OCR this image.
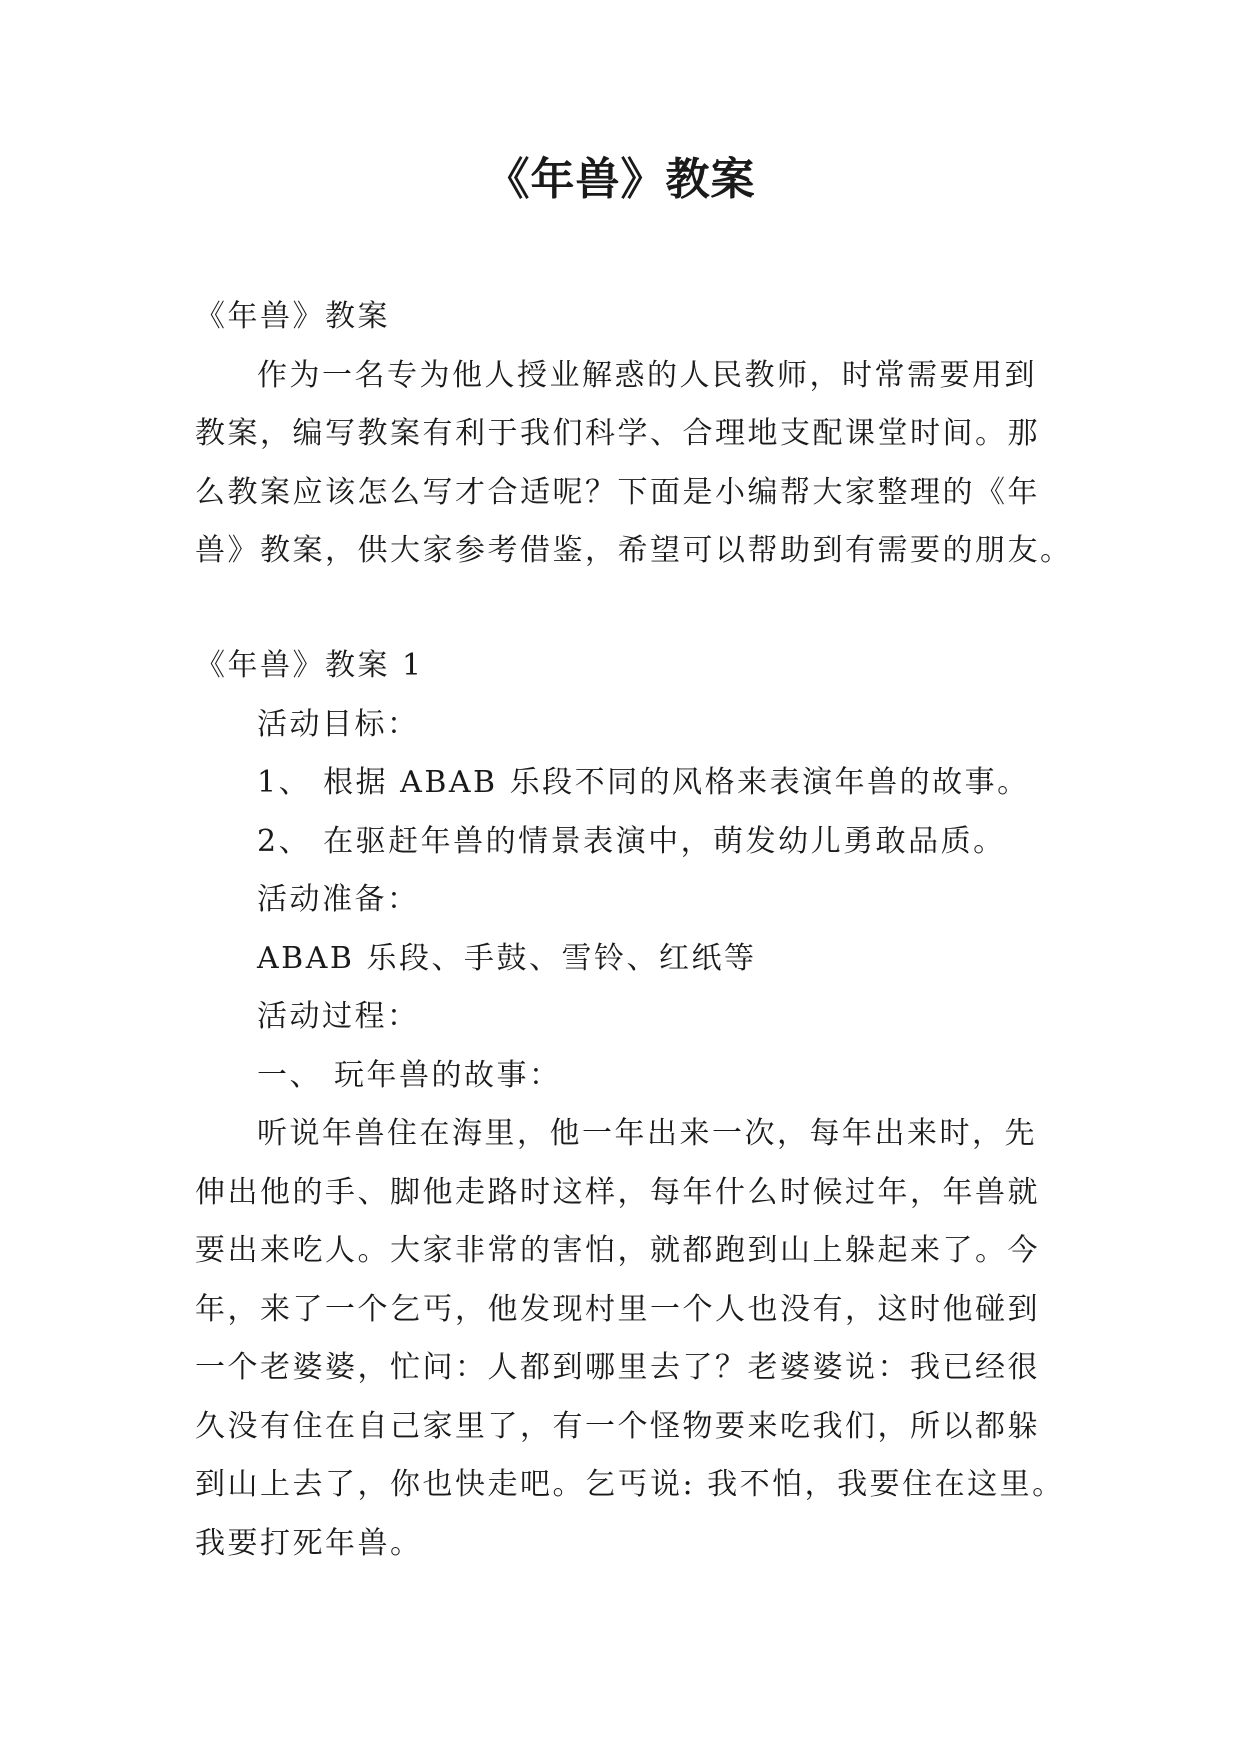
《年兽》教案
《年兽》教案
作为一名专为他人授业解惑的人民教师，时常需要用到
教案，编写教案有利于我们科学、合理地支配课堂时间。那
么教案应该怎么写才合适呢？下面是小编帮大家整理的《年
兽》教案，供大家参考借鉴，希望可以帮助到有需要的朋友。
《年兽》教案 1
活动目标：
1、 根据 ABAB 乐段不同的风格来表演年兽的故事。
2、 在驱赶年兽的情景表演中，萌发幼儿勇敢品质。
活动准备：
ABAB 乐段、手鼓、雪铃、红纸等
活动过程：
一、 玩年兽的故事：
听说年兽住在海里，他一年出来一次，每年出来时，先
伸出他的手、脚他走路时这样，每年什么时候过年，年兽就
要出来吃人。大家非常的害怕，就都跑到山上躲起来了。今
年，来了一个乞丐，他发现村里一个人也没有，这时他碰到
一个老婆婆，忙问：人都到哪里去了？老婆婆说：我已经很
久没有住在自己家里了，有一个怪物要来吃我们，所以都躲
到山上去了，你也快走吧。乞丐说: 我不怕，我要住在这里。
我要打死年兽。
